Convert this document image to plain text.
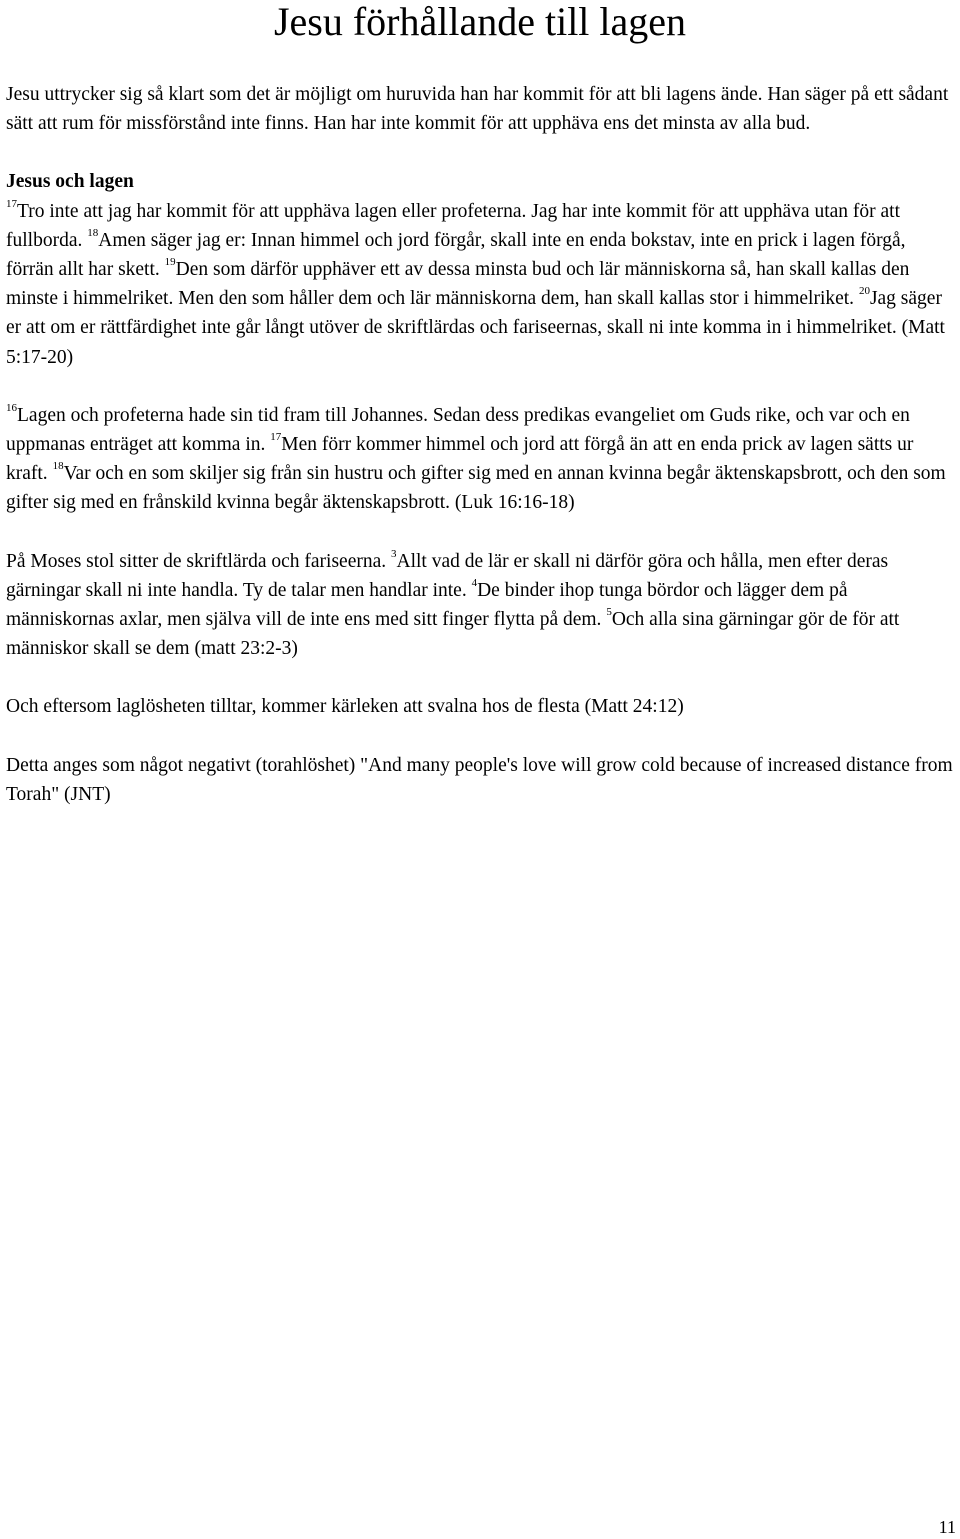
Jesu förhållande till lagen

Jesu uttrycker sig så klart som det är möjligt om huruvida han har kommit för att bli lagens ände. Han säger på ett sådant sätt att rum för missförstånd inte finns. Han har inte kommit för att upphäva ens det minsta av alla bud.

Jesus och lagen
$^{17}$Tro inte att jag har kommit för att upphäva lagen eller profeterna. Jag har inte kommit för att upphäva utan för att fullborda. $^{18}$Amen säger jag er: Innan himmel och jord förgår, skall inte en enda bokstav, inte en prick i lagen förgå, förrän allt har skett. $^{19}$Den som därför upphäver ett av dessa minsta bud och lär människorna så, han skall kallas den minste i himmelriket. Men den som håller dem och lär människorna dem, han skall kallas stor i himmelriket. $^{20}$Jag säger er att om er rättfärdighet inte går långt utöver de skriftlärdas och fariseernas, skall ni inte komma in i himmelriket. (Matt 5:17-20)

$^{16}$Lagen och profeterna hade sin tid fram till Johannes. Sedan dess predikas evangeliet om Guds rike, och var och en uppmanas enträget att komma in. $^{17}$Men förr kommer himmel och jord att förgå än att en enda prick av lagen sätts ur kraft. $^{18}$Var och en som skiljer sig från sin hustru och gifter sig med en annan kvinna begår äktenskapsbrott, och den som gifter sig med en frånskild kvinna begår äktenskapsbrott. (Luk 16:16-18)

På Moses stol sitter de skriftlärda och fariseerna. $^3$Allt vad de lär er skall ni därför göra och hålla, men efter deras gärningar skall ni inte handla. Ty de talar men handlar inte. $^4$De binder ihop tunga bördor och lägger dem på människornas axlar, men själva vill de inte ens med sitt finger flytta på dem. $^5$Och alla sina gärningar gör de för att människor skall se dem (matt 23:2-3)

Och eftersom laglösheten tilltar, kommer kärleken att svalna hos de flesta (Matt 24:12)

Detta anges som något negativt (torahlöshet) "And many people's love will grow cold because of increased distance from Torah" (JNT)

11
